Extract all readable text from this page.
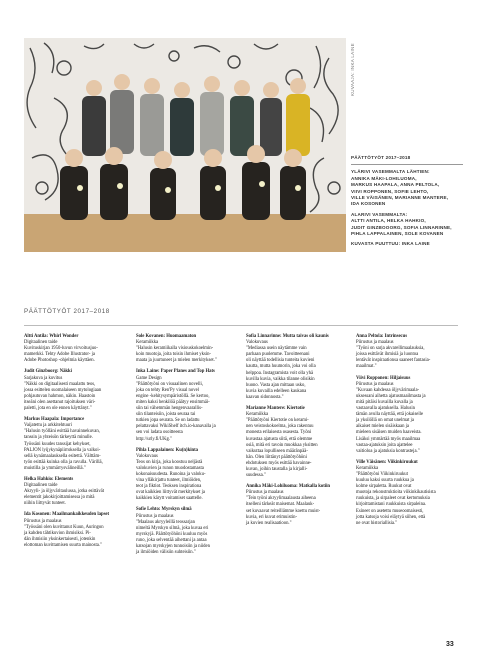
KUVAAJA: INKA LAINE
PÄÄTTÖTYÖT 2017–2018
YLÄRIVI VASEMMALTA LÄHTIEN:
ANNIKA MÄKI-LOHILUOMA,
MARKUS HAAPALA, ANNA PELTOLA,
VIIVI ROPPONEN, SOFIE LEHTO,
VILLE VÄISÄNEN, MARIANNE MANTERE,
IDA KOSONEN
ALARIVI VASEMMALTA:
ALTTI ANTILA, HELKA HAHKIO,
JUDIT GINZBOOORG, SOFIA LINNARINNE,
PIHLA LAPPALAINEN, SOLE KOVANEN
KUVASTA PUUTTUU: INKA LAINE
PÄÄTTÖTYÖT 2017–2018
Altti Antila: Whirl Wonder
Digitaalinen taide
Kuvituskirjan 1950-luvun virvoitusjuo-
mamerkki. Tehty Adobe Illustrator- ja
Adobe Photoshop -ohjelmia käyttäen.
Judit Ginzboorg: Näkki
Sarjakuva ja kuvitus
"Näkki on digitaalisesti maalattu teos,
jossa esittelen suomalaiseen mytologiaan
pohjautuvan hahmon, näkin. Haastoin
itseäni olen asettanut rajoituksen väri-
paletti, jota en ole ennen käyttänyt."
Markus Haapala: Importance
Vaijatettu ja arkkitehtuuri
"Halusin työlläni esittää havainnekuvan,
tanssin ja yhteisön tärkeyttä minulle.
Työssäni kuudes tanssijat kehykset,
PALJON lyijykynäpiirroksella ja valkoi-
sellä kynämaalauksella esitettä. Välttäm-
työn esittää kuinka olla ja ravulla. Värillä,
muistilla ja ymmärrysvälineillä."
Helka Hahkio: Elements
Digitaalinen taide
Akryyli- ja öljyväritaulussa, jotka esittävät
elementit jakokirjoittamisessa jo mitä
niihin liittyvät tunteet.
Ida Kosonen: Maailmankaikkeuden lapset
Piirustus ja maalaus
"Työssäni olen kuvittanut Kuun, Auringon
ja kahden tähtikuvion ihmisiksi. Pi-
dän ihmisiin yksinkertaisesti, jotenkin
elottoman kuvittamisen suurta mainosta."
Sole Kovanen: Huomaamaton
Keramiikka
"Halusin keramiikalla visiouskokoelmin-
koin muotoja, joita toisin ihmiset yksin-
maata ja juurtuneet ja mielen merkitykset."
Inka Laine: Paper Planes and Top Hats
Game Design
"Päättötyöni on visuaalinen novelli,
joka on tehty Ren'Py visual novel
engine -kehitysympäristöllä. Se kertoo,
miten kaksi henkilöä päätyy ensimmäi-
siin tai vähemmän hengenvaarallis-
siin tilanteisiin, joista seuraa tai
tutkien jopa seurata. Se on ladattu
pelattavaksi WikiShelf itch.io-kanavalla ja
sen voi ladata osoitteesta
http://urly.fi/UKg."
Pihla Lappalainen: Ku(n)kinta
Valokuvaus
Teos on kirja, joka koostuu neljästä
valokuvien ja runon muodostamasta
kokonaisuudesta. Runoina ja valoku-
vina ylläkirjattu tunteet, ilmiöiden,
teot ja fiktiot. Teoksen inspirationa
ovat kaikkien liittyvät merkitykset ja
kaikkien kärytt voitamiset saattelle.
Sofie Lehto: Myrskyn silmä
Piirustus ja maalaus
"Maalaus akryyleillä teossarjan
nimeltä Myrskyn silmä, joka kuvaa eri
myrskyjä. Päättötyöhöni kuuluu myös
runo, joka selventää aihettani ja antaa
katsojan myrskyjen tunnoisiin ja niiden
ja ilmiöiden välisiin suhteisiin."
Sofia Linnarinne: Mutta taivas oli kaunis
Valokuvaus
"Mediassa usein näytämme vain
parhaan puolemme. Tavoitteenani
oli näyttää todellisia tunteita kuvieni
kautta, mutta huumorin, joka voi olla
helppoa. Instagramista voit olla yhä
kuvilla kuvia, vaikka tilanne olisikin
huono. Vasta ajan mittaan usko,
kuvia kuvailla edelleen kaukana
kaavan sidonnosta."
Marianne Mantere: Kiertotie
Keramiikka
"Päättötyöni Kiertotie on kerami-
nen veistoskokoelma, joka rakentuu
monesta erilaisesta osasesta. Työni
kuvastaa ajatusta siitä, että olemme
osiä, mitä eri tavoin muokkaa yksitten
vaikuttaa lopulliseen määränpää-
hän. Olen liittänyt päättötyöhöni
ehdotuksen myös esittää havainne-
kuvan, joihin taustalla ja kirjalli-
suudessa."
Annika Mäki-Lohiluoma: Matkalla kotiin
Piirustus ja maalaus
"Tein työni akryylimaalausta aiheena
itselleni tärkeät maisemat. Maalauk-
set kuvaavat reiteillämme koettu muist-
kuvia, eri kuvat erimuistin-
ja kuvien realisaatioon."
Anna Peltola: Intrinsecus
Piirustus ja maalaus
"Työni on sarja akvarellimaalauksia,
joissa esittävät ihmisiä ja luontoa
lentävät inspiraationsa saaneet fantasia-
maailmat."
Viivi Ropponen: Hiljaisuus
Piirustus ja maalaus
"Kuvaan kahdessa öljyvärimaala-
uksessani aihetta ajatusmaailmasta ja
mitä pitäisi kuvailla kuvalla ja
vastaavalla ajatuksella. Halusin
tämän avulla näyttää, että jokaiselle
ja yksilöllä on omat unelmat ja
aikaiset mielen sisäiskaan ja
mieleen sisäisen muiden haaveista.
Lisäksi ymmärtää myös maailmaa
vastaa-ajatuksin joita ajattelee
vaitioloa ja ajatuksia kontrasteja."
Ville Väisänen: Viikinkiruukut
Keramiikka
"Päättötyöni Viikinkiruukut
kuuluu kaksi suurta ruukkua ja
kolme sirpaletta. Ruukut ovat
muotoja rekonstruktioita viikinkikautisista
ruukuista, ja sirpaleet ovat kertomuksia
kirjoittamistani ruukkuista sirpaleina.
Esineet on asetettu museoomaisesti,
jotta katsoja voisi eläytyä siihen, että
ne ovat historiallisia."
33
